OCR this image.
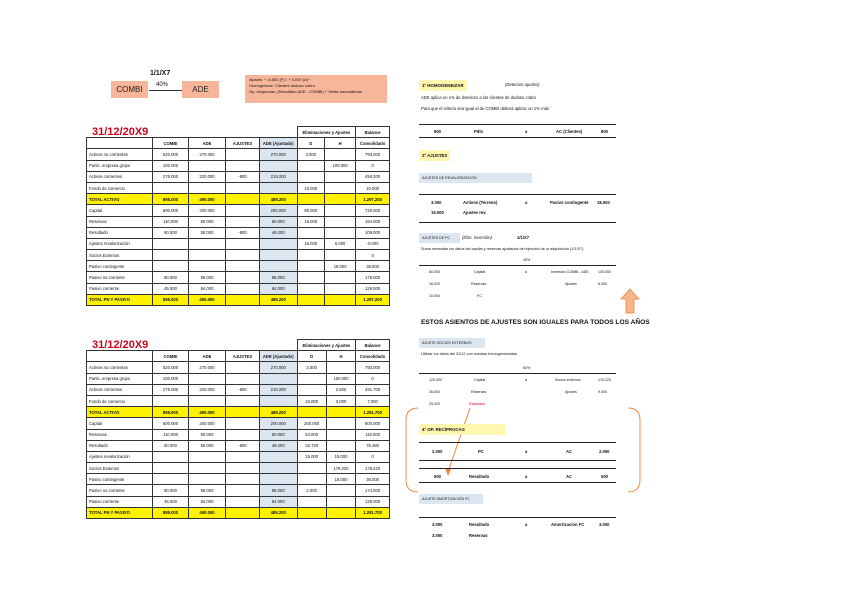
1/1/X7
COMBI	40%	ADE
Ajustes: * -6.800 (P) / + 3.000 (A)*
Homogenizar: Clientes dudoso cobro
Op. reciprocas: (Resultado ADE - COMBI) + Venta mercaderías
31/12/20X9
						Eliminaciones y Ajustes		Balance
	COMBI	ADE	AJUSTES	ADE (Ajustado)	D	H	Consolidado
Activos no corrientes	520.000	270.000		270.000	3.000		793.000
Partic. empresa grupo	100.000					100.000	0
Activos corrientes	275.000	220.000	-800	219.200			494.200
Fondo de comercio					10.000		10.000
TOTAL ACTIVO	895.000	490.000		489.200			1.297.200
Capital	600.000	200.000		200.000	80.000		720.000
Reservas	110.000	60.000		60.000	16.000		154.000
Resultado	60.000	50.000	-800	49.200			109.000
Ajustes revalorización					15.000	6.000	-9.000
Socios Externos							0
Pasivo contingente						18.000	38.000
Pasivo no corriente	80.000	96.000		96.000			176.000
Pasivo corriente	45.000	84.000		84.000			129.000
TOTAL PN Y PASIVO	895.000	490.000		489.200			1.297.200
31/12/20X9
						Eliminaciones y Ajustes		Balance
	COMBI	ADE	AJUSTES	ADE (Ajustado)	D	H	Consolidado
Activos no corrientes	520.000	270.000		270.000	3.000		793.000
Partic. empresa grupo	100.000					100.000	0
Activos corrientes	275.000	220.000	-800	219.200		2.500	491.700
Fondo de comercio					10.000	3.000	7.000
TOTAL ACTIVO	895.000	490.000		489.200			1.291.700
Capital	600.000	200.000		200.000	200.000		600.000
Reservas	110.000	60.000		60.000	54.000		116.000
Resultado	60.000	50.000	-800	49.200	32.720		76.480
Ajustes revalorización					15.000	15.000	0
Socios Externos						176.220	176.220
Pasivo contingente						18.000	38.000
Pasivo no corriente	80.000	96.000		96.000	2.000		174.000
Pasivo corriente	45.000	84.000		84.000			129.000
TOTAL PN Y PASIVO	895.000	490.000		489.200			1.291.700
1º HOMOGENEIZAR	(Deterioro ajustes)
ADE aplica un 1% de deterioro a los clientes de dudoso cobro
Para que el criterio sea igual al de COMBI deberá aplicar un 1% más
800	Pdts	a	AC (Clientes)	800
2º AJUSTES
AJUSTES DE REVALORIZACIÓN
3.000	Activos (Terreno)	a	Pasivo contingente 18.000
15.000	Ajustes rev.
AJUSTES DE PC	(Elim. inversión)	1/1/X7
Suma necesitan los datos del capital y reservas ajustados del ejercicio de la adquisición (1/1/X7)
40%
80.000	Capital	a	Inversión COMBI - ADE	100.000
16.000	Reservas	Ajustes	6.000
10.000	FC
ESTOS ASIENTOS DE AJUSTES SON IGUALES PARA TODOS LOS AÑOS
AJUSTE SOCIOS EXTERNOS
Utilizar los datos del 31/12 con cuentas homogeneizadas
60%
120.000	Capital	a	Socios externos	176.220
36.000	Reservas	Ajustes	9.000
29.220	Resultado
4º OP. RECÍPROCAS
2.000	PC	a	AC	2.000
500	Resultado	a	AC	500
AJUSTE AMORTIZACIÓN FC
3.000	Resultado	a	Amortización FC	3.000
3.000	Reservas
